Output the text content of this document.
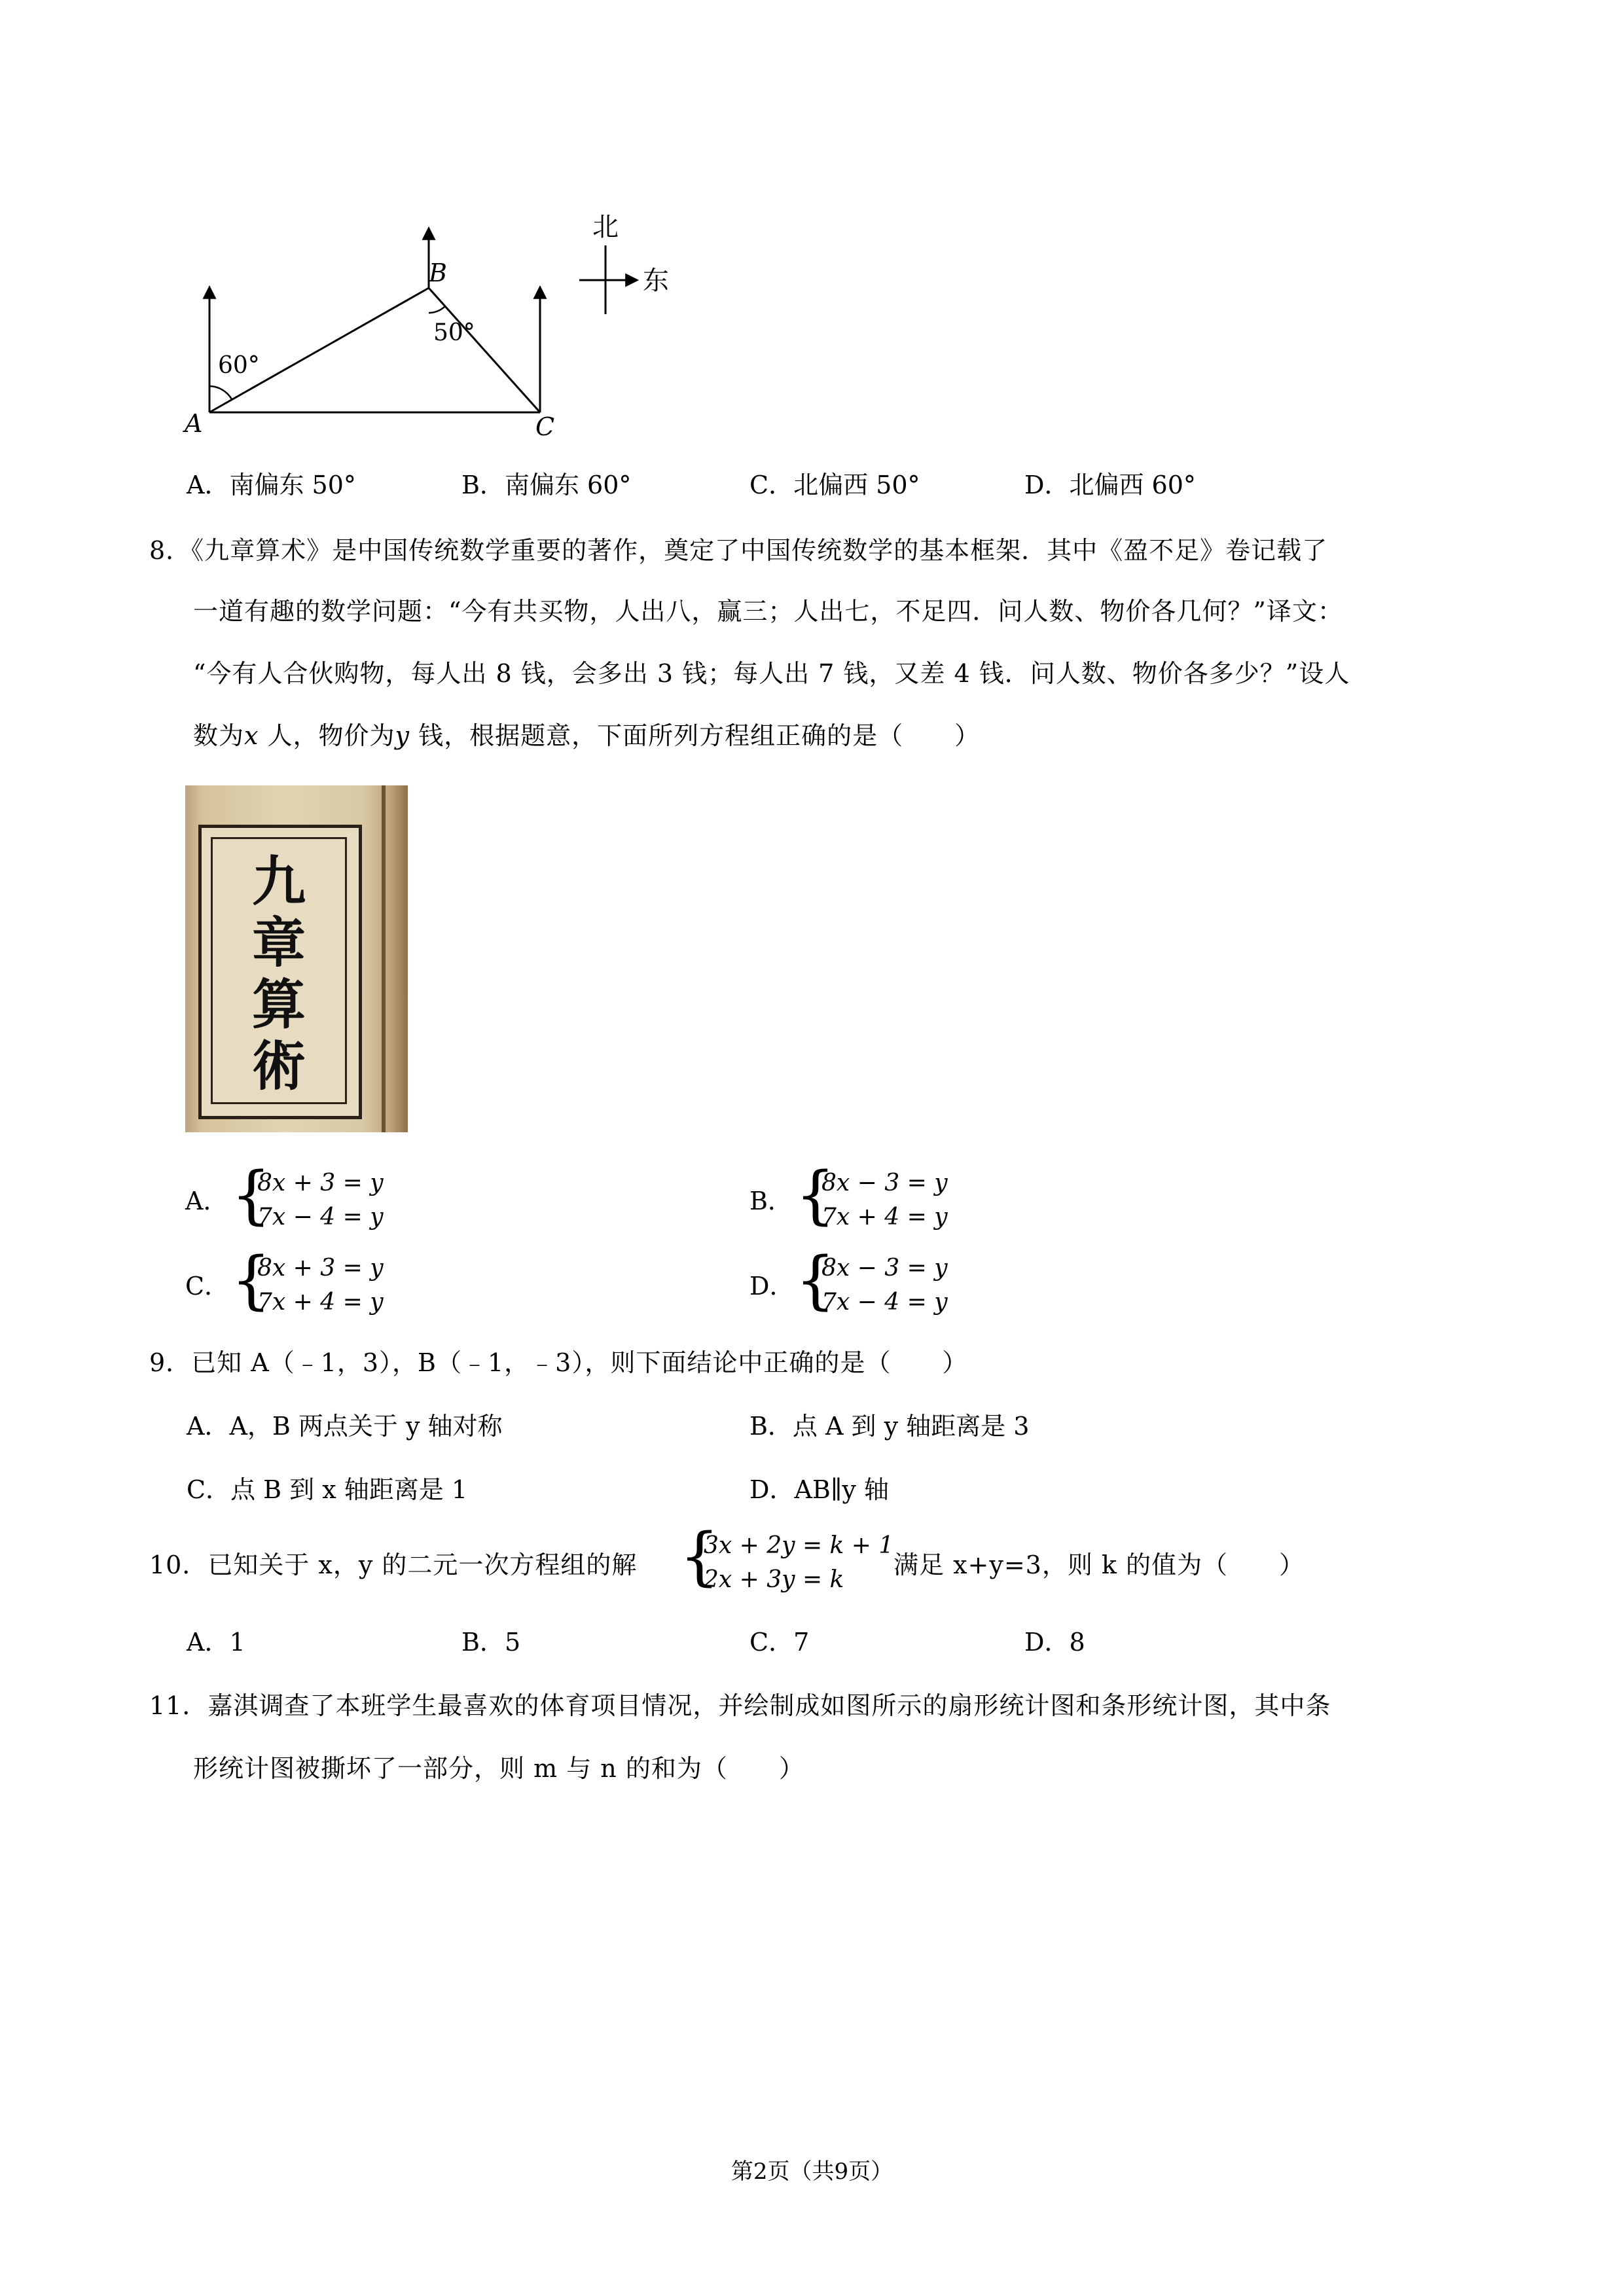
A
B
C
60°
50°
北
东
A．南偏东 50°	B．南偏东 60°	C．北偏西 50°	D．北偏西 60°
8．《九章算术》是中国传统数学重要的著作，奠定了中国传统数学的基本框架．其中《盈不足》卷记载了
一道有趣的数学问题：“今有共买物，人出八，赢三；人出七，不足四．问人数、物价各几何？”译文：
“今有人合伙购物，每人出 8 钱，会多出 3 钱；每人出 7 钱，又差 4 钱．问人数、物价各多少？”设人
数为x 人，物价为y 钱，根据题意，下面所列方程组正确的是（　　）
九
章
算
術
A． {
8x + 3 = y
7x − 4 = y
B． {
8x − 3 = y
7x + 4 = y
C． {
8x + 3 = y
7x + 4 = y
D． {
8x − 3 = y
7x − 4 = y
9．已知 A（﹣1，3），B（﹣1，﹣3），则下面结论中正确的是（　　）
A．A，B 两点关于 y 轴对称	B．点 A 到 y 轴距离是 3
C．点 B 到 x 轴距离是 1	D．AB∥y 轴
10．已知关于 x，y 的二元一次方程组的解 {
3x + 2y = k + 1
2x + 3y = k
满足 x+y=3，则 k 的值为（　　）
A．1	B．5	C．7	D．8
11．嘉淇调查了本班学生最喜欢的体育项目情况，并绘制成如图所示的扇形统计图和条形统计图，其中条
形统计图被撕坏了一部分，则 m 与 n 的和为（　　）
第2页（共9页）
